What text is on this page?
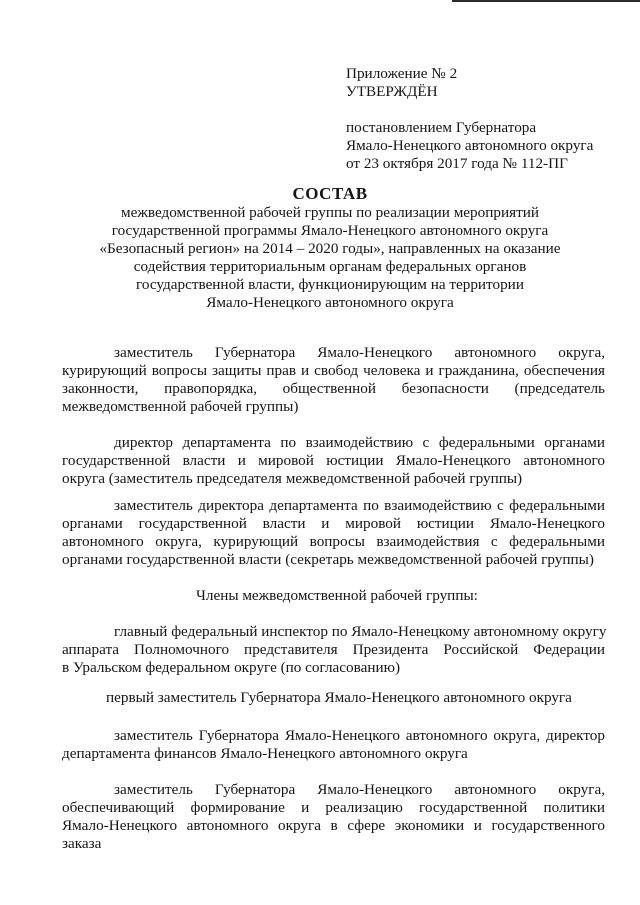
Приложение № 2
УТВЕРЖДЁН
постановлением Губернатора
Ямало-Ненецкого автономного округа
от 23 октября 2017 года № 112-ПГ
СОСТАВ
межведомственной рабочей группы по реализации мероприятий
государственной программы Ямало-Ненецкого автономного округа
«Безопасный регион» на 2014 – 2020 годы», направленных на оказание
содействия территориальным органам федеральных органов
государственной власти, функционирующим на территории
Ямало-Ненецкого автономного округа
заместитель Губернатора Ямало-Ненецкого автономного округа,
курирующий вопросы защиты прав и свобод человека и гражданина, обеспечения
законности, правопорядка, общественной безопасности (председатель
межведомственной рабочей группы)
директор департамента по взаимодействию с федеральными органами
государственной власти и мировой юстиции Ямало-Ненецкого автономного
округа (заместитель председателя межведомственной рабочей группы)
заместитель директора департамента по взаимодействию с федеральными
органами государственной власти и мировой юстиции Ямало-Ненецкого
автономного округа, курирующий вопросы взаимодействия с федеральными
органами государственной власти (секретарь межведомственной рабочей группы)
Члены межведомственной рабочей группы:
главный федеральный инспектор по Ямало-Ненецкому автономному округу
аппарата Полномочного представителя Президента Российской Федерации
в Уральском федеральном округе (по согласованию)
первый заместитель Губернатора Ямало-Ненецкого автономного округа
заместитель Губернатора Ямало-Ненецкого автономного округа, директор
департамента финансов Ямало-Ненецкого автономного округа
заместитель Губернатора Ямало-Ненецкого автономного округа,
обеспечивающий формирование и реализацию государственной политики
Ямало-Ненецкого автономного округа в сфере экономики и государственного
заказа
